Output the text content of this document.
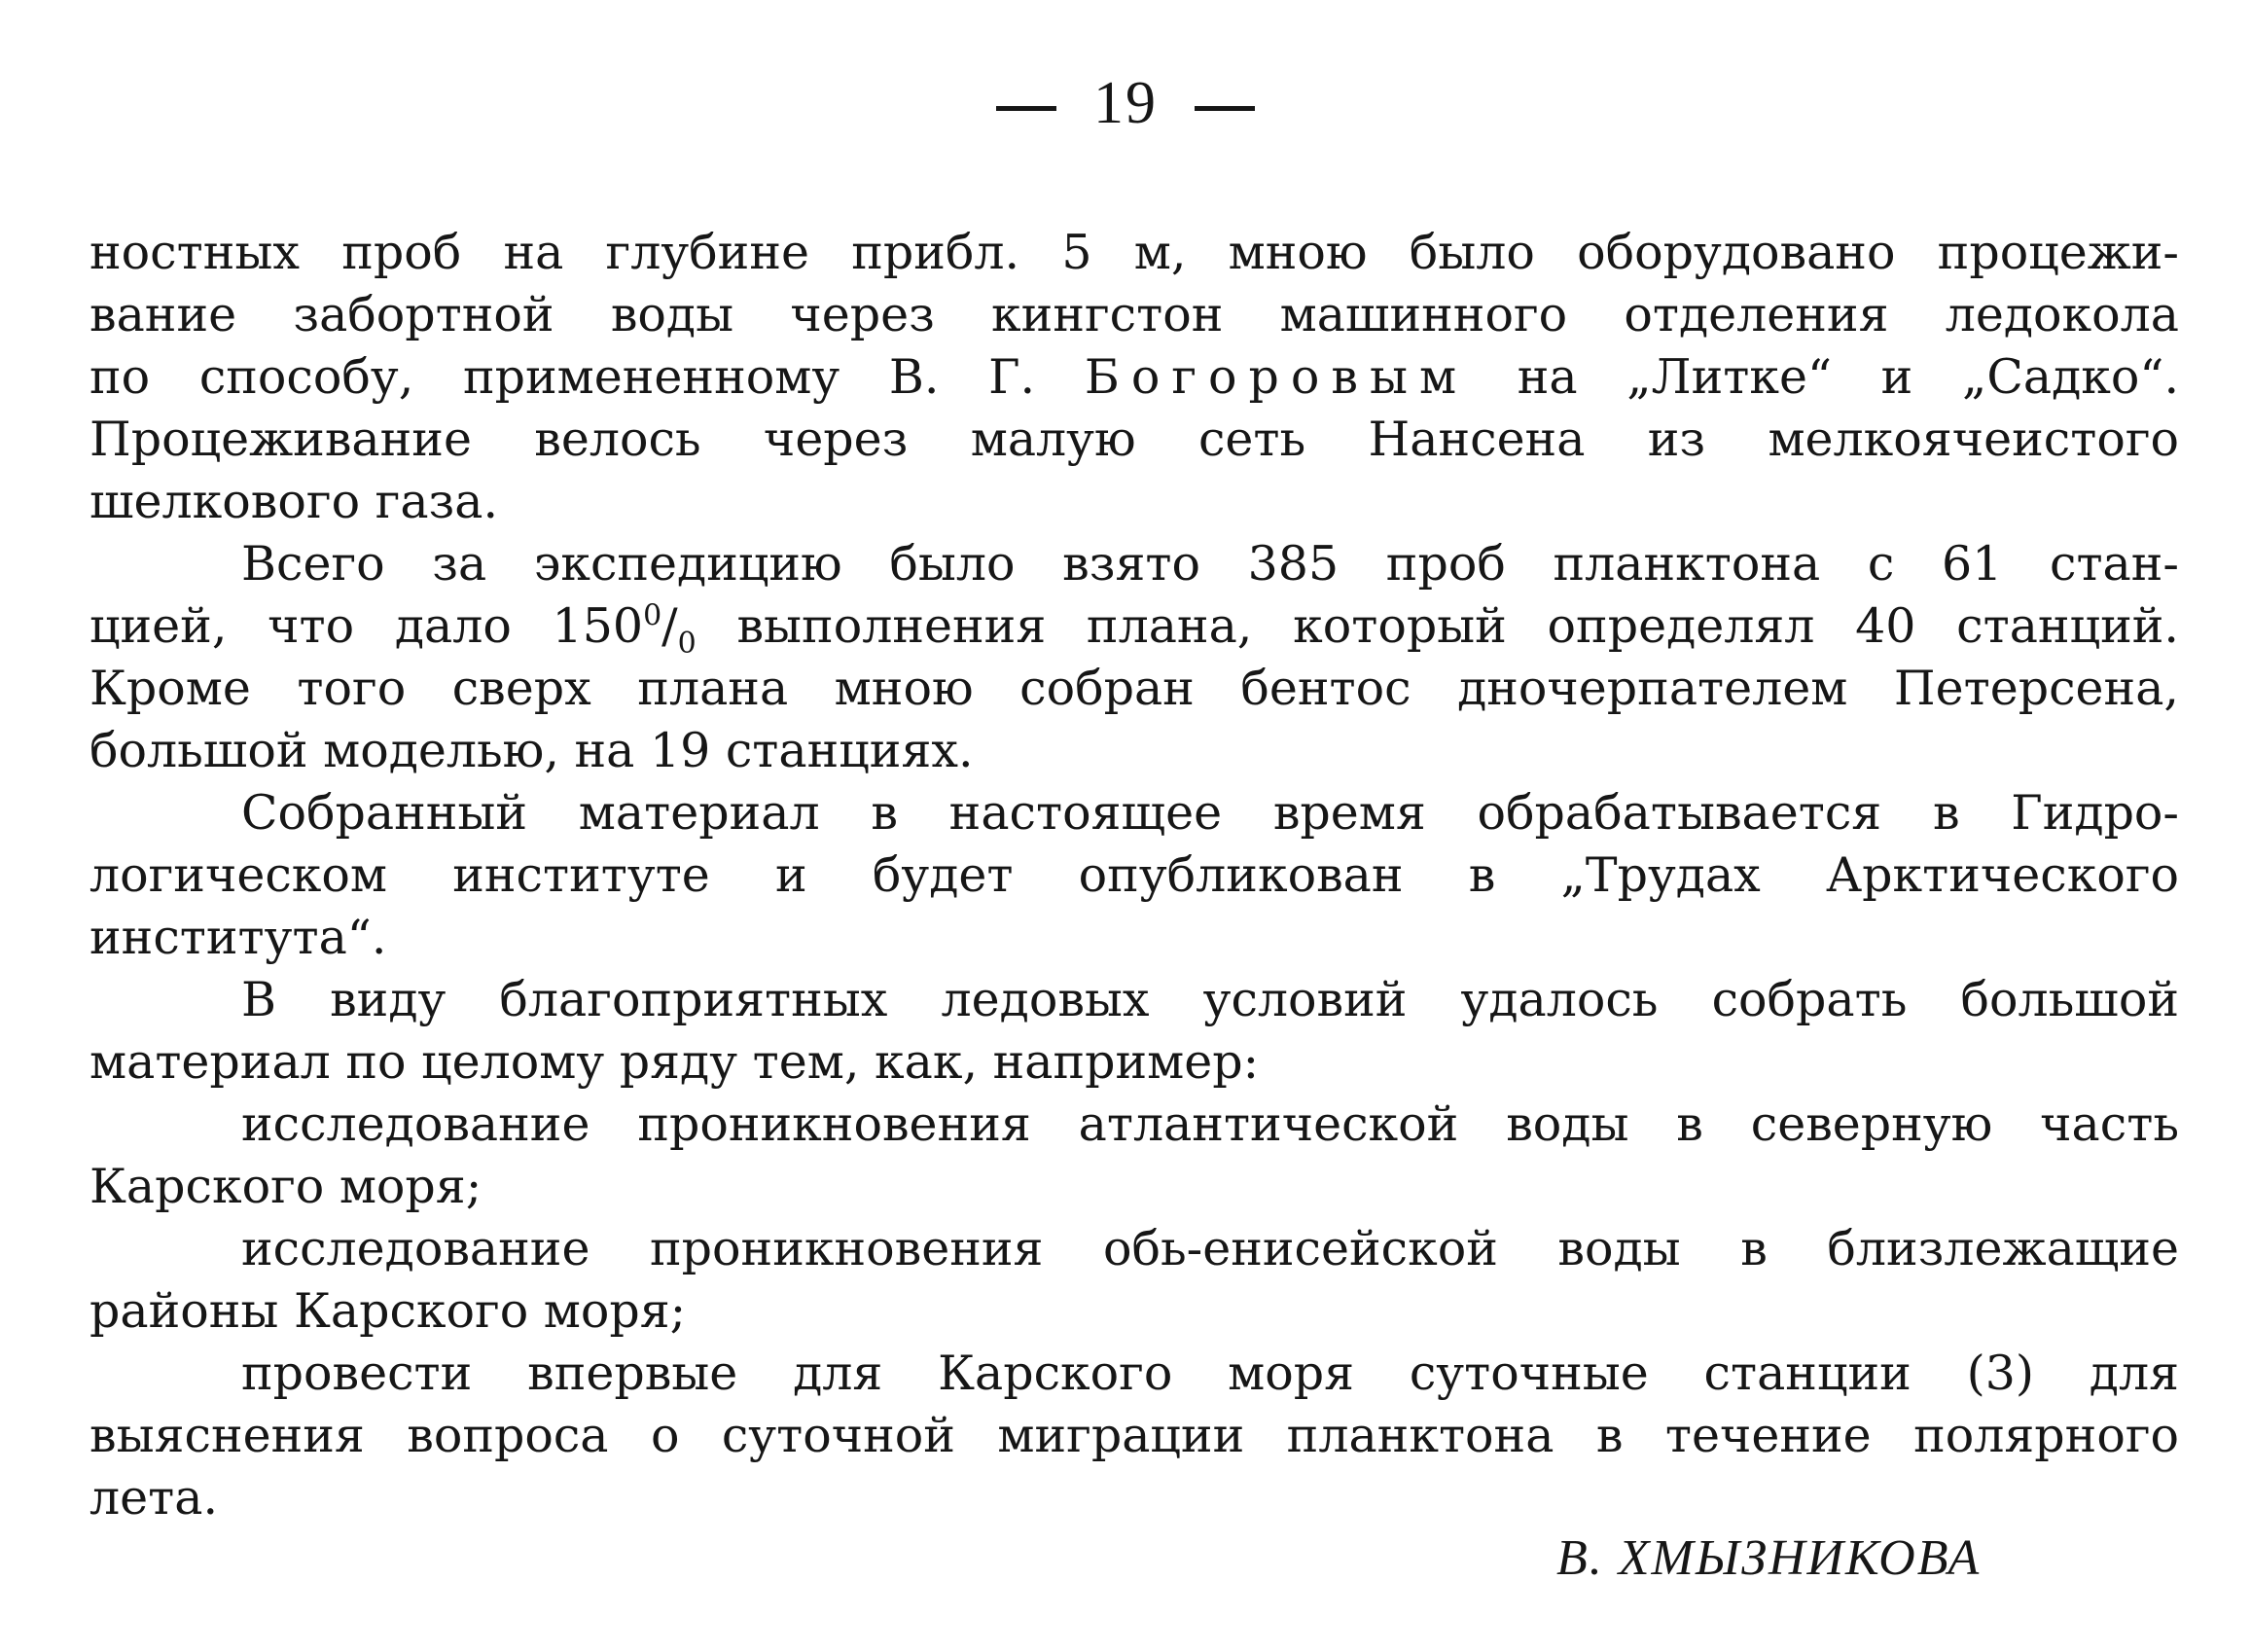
19
ностных проб на глубине прибл. 5 м, мною было оборудовано процежи-
вание забортной воды через кингстон машинного отделения ледокола
по способу, примененному В. Г. Богоровым на „Литке“ и „Садко“.
Процеживание велось через малую сеть Нансена из мелкоячеистого
шелкового газа.
Всего за экспедицию было взято 385 проб планктона с 61 стан-
цией, что дало $150^0/_0$ выполнения плана, который определял 40 станций.
Кроме того сверх плана мною собран бентос дночерпателем Петерсена,
большой моделью, на 19 станциях.
Собранный материал в настоящее время обрабатывается в Гидро-
логическом институте и будет опубликован в „Трудах Арктического
института“.
В виду благоприятных ледовых условий удалось собрать большой
материал по целому ряду тем, как, например:
исследование проникновения атлантической воды в северную часть
Карского моря;
исследование проникновения обь-енисейской воды в близлежащие
районы Карского моря;
провести впервые для Карского моря суточные станции (3) для
выяснения вопроса о суточной миграции планктона в течение полярного
лета.
В. ХМЫЗНИКОВА
